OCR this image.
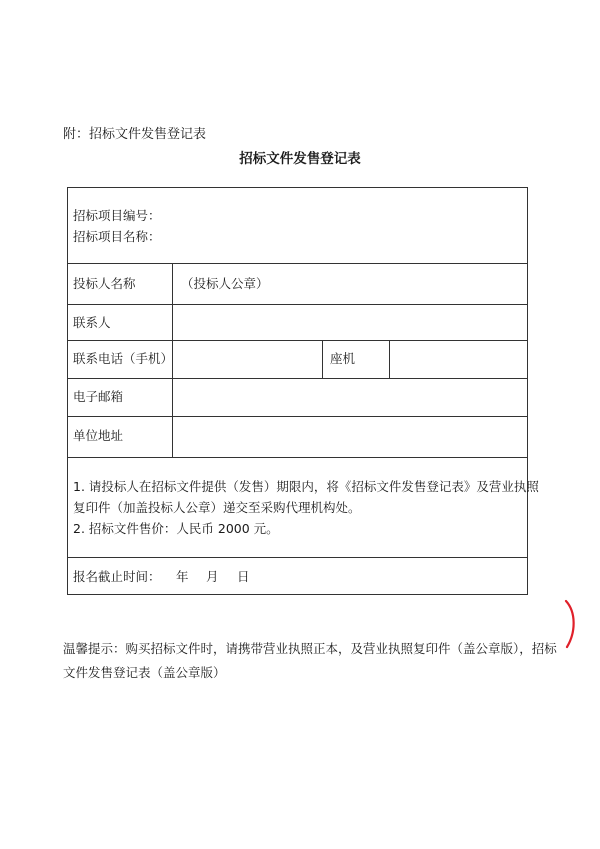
附：招标文件发售登记表
招标文件发售登记表
招标项目编号：
招标项目名称：
投标人名称	（投标人公章）
联系人
联系电话（手机）	座机
电子邮箱
单位地址
1. 请投标人在招标文件提供（发售）期限内，将《招标文件发售登记表》及营业执照
复印件（加盖投标人公章）递交至采购代理机构处。
2. 招标文件售价：人民币 2000 元。
报名截止时间： 年 月 日
温馨提示：购买招标文件时，请携带营业执照正本，及营业执照复印件（盖公章版），招标
文件发售登记表（盖公章版）
